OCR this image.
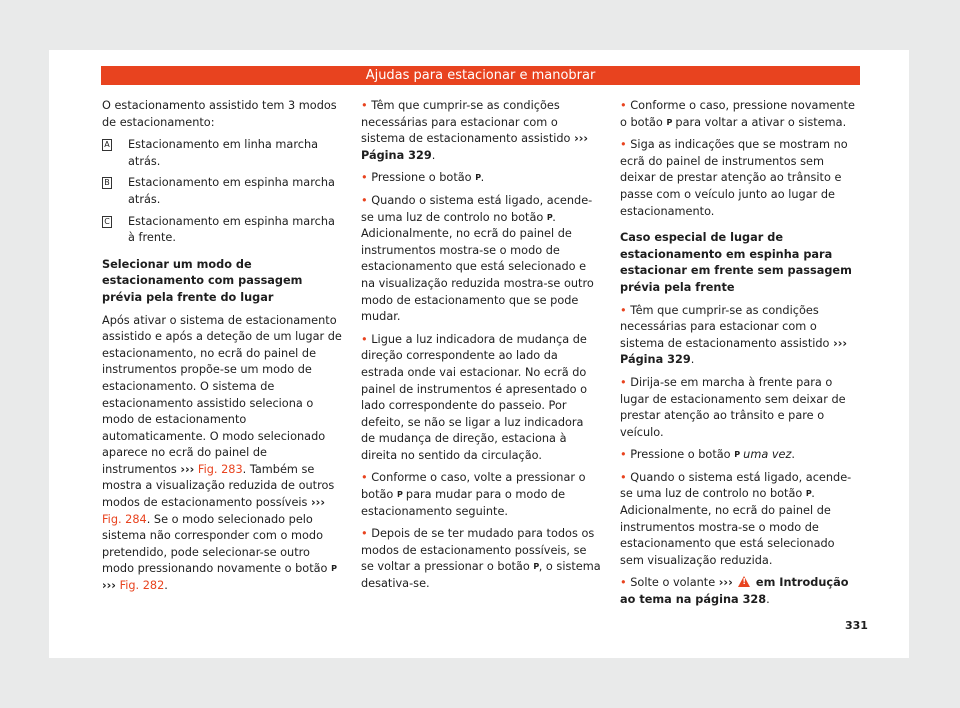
Ajudas para estacionar e manobrar

O estacionamento assistido tem 3 modos de estacionamento:

A Estacionamento em linha marcha atrás.
B Estacionamento em espinha marcha atrás.
C Estacionamento em espinha marcha à frente.
Selecionar um modo de estacionamento com passagem prévia pela frente do lugar

Após ativar o sistema de estacionamento assistido e após a deteção de um lugar de estacionamento, no ecrã do painel de instrumentos propõe-se um modo de estacionamento. O sistema de estacionamento assistido seleciona o modo de estacionamento automaticamente. O modo selecionado aparece no ecrã do painel de instrumentos ››› Fig. 283. Também se mostra a visualização reduzida de outros modos de estacionamento possíveis ››› Fig. 284. Se o modo selecionado pelo sistema não corresponder com o modo pretendido, pode selecionar-se outro modo pressionando novamente o botão P ››› Fig. 282.

• Têm que cumprir-se as condições necessárias para estacionar com o sistema de estacionamento assistido ››› Página 329.

• Pressione o botão P.

• Quando o sistema está ligado, acende-se uma luz de controlo no botão P. Adicionalmente, no ecrã do painel de instrumentos mostra-se o modo de estacionamento que está selecionado e na visualização reduzida mostra-se outro modo de estacionamento que se pode mudar.

• Ligue a luz indicadora de mudança de direção correspondente ao lado da estrada onde vai estacionar. No ecrã do painel de instrumentos é apresentado o lado correspondente do passeio. Por defeito, se não se ligar a luz indicadora de mudança de direção, estaciona à direita no sentido da circulação.

• Conforme o caso, volte a pressionar o botão P para mudar para o modo de estacionamento seguinte.

• Depois de se ter mudado para todos os modos de estacionamento possíveis, se se voltar a pressionar o botão P, o sistema desativa-se.

• Conforme o caso, pressione novamente o botão P para voltar a ativar o sistema.

• Siga as indicações que se mostram no ecrã do painel de instrumentos sem deixar de prestar atenção ao trânsito e passe com o veículo junto ao lugar de estacionamento.

Caso especial de lugar de estacionamento em espinha para estacionar em frente sem passagem prévia pela frente

• Têm que cumprir-se as condições necessárias para estacionar com o sistema de estacionamento assistido ››› Página 329.

• Dirija-se em marcha à frente para o lugar de estacionamento sem deixar de prestar atenção ao trânsito e pare o veículo.

• Pressione o botão P uma vez.

• Quando o sistema está ligado, acende-se uma luz de controlo no botão P. Adicionalmente, no ecrã do painel de instrumentos mostra-se o modo de estacionamento que está selecionado sem visualização reduzida.

• Solte o volante ››› ! em Introdução ao tema na página 328.

331
